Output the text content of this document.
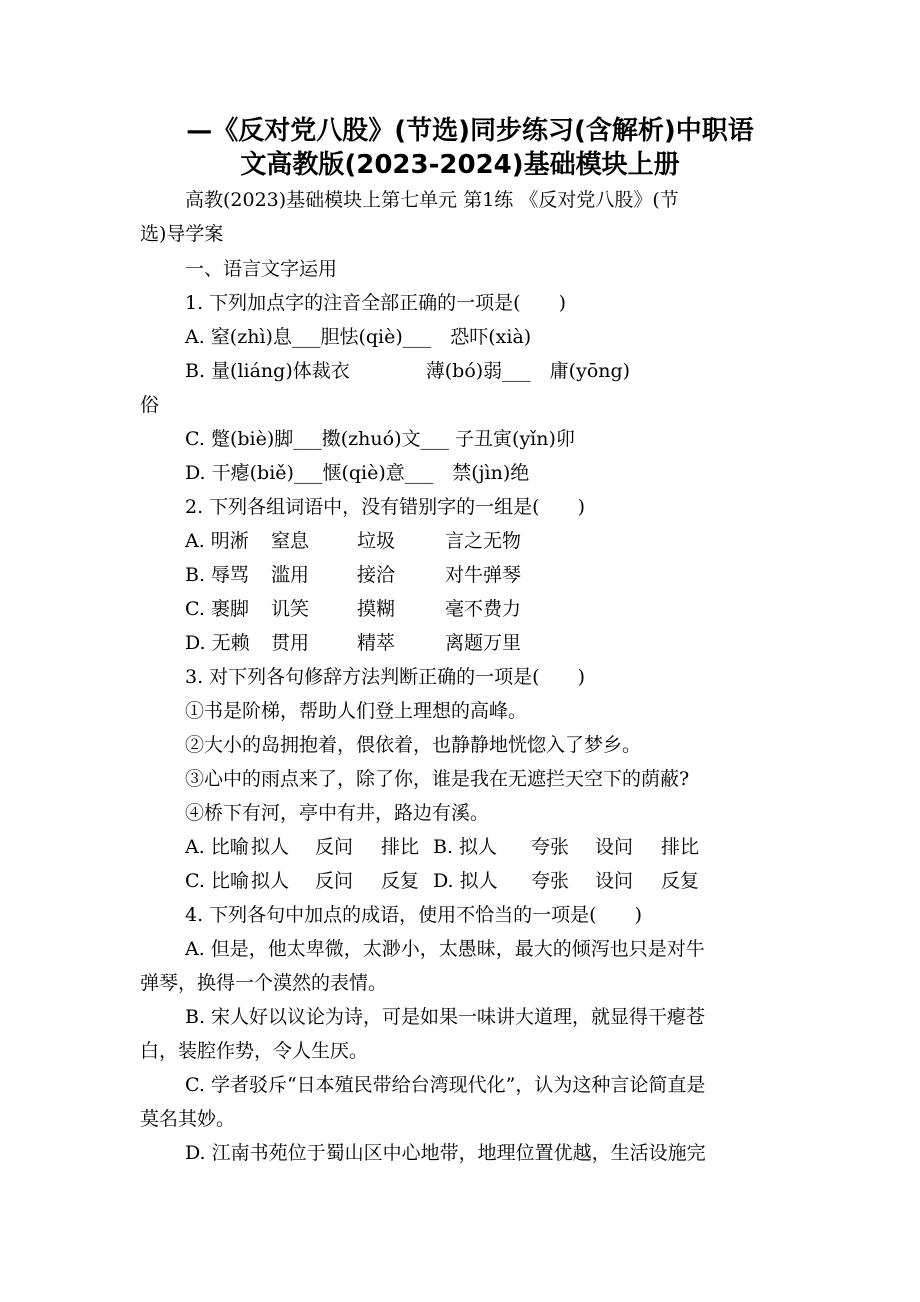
—《反对党八股》(节选)同步练习(含解析)中职语
文高教版(2023-2024)基础模块上册
高教(2023)基础模块上第七单元 第1练 《反对党八股》(节
选)导学案
一、语言文字运用
1. 下列加点字的注音全部正确的一项是(　　)
A. 窒(zhì)息___胆怯(qiè)___　恐吓(xià)
B. 量(liáng)体裁衣　　　　薄(bó)弱___　庸(yōng)
俗
C. 蹩(biè)脚___擞(zhuó)文___ 子丑寅(yǐn)卯
D. 干瘪(biě)___惬(qiè)意___　禁(jìn)绝
2. 下列各组词语中，没有错别字的一组是(　　)
A. 明淅 窒息	垃圾	言之无物
B. 辱骂 滥用	接洽	对牛弹琴
C. 裹脚 讥笑	摸糊	毫不费力
D. 无赖 贯用	精萃	离题万里
3. 对下列各句修辞方法判断正确的一项是(　　)
①书是阶梯，帮助人们登上理想的高峰。
②大小的岛拥抱着，偎依着，也静静地恍惚入了梦乡。
③心中的雨点来了，除了你，谁是我在无遮拦天空下的荫蔽?
④桥下有河，亭中有井，路边有溪。
A. 比喻 拟人 反问 排比 B. 拟人 夸张 设问 排比
C. 比喻 拟人 反问 反复 D. 拟人 夸张 设问 反复
4. 下列各句中加点的成语，使用不恰当的一项是(　　)
A. 但是，他太卑微，太渺小，太愚昧，最大的倾泻也只是对牛
弹琴，换得一个漠然的表情。
B. 宋人好以议论为诗，可是如果一味讲大道理，就显得干瘪苍
白，装腔作势，令人生厌。
C. 学者驳斥“日本殖民带给台湾现代化”，认为这种言论简直是
莫名其妙。
D. 江南书苑位于蜀山区中心地带，地理位置优越，生活设施完
